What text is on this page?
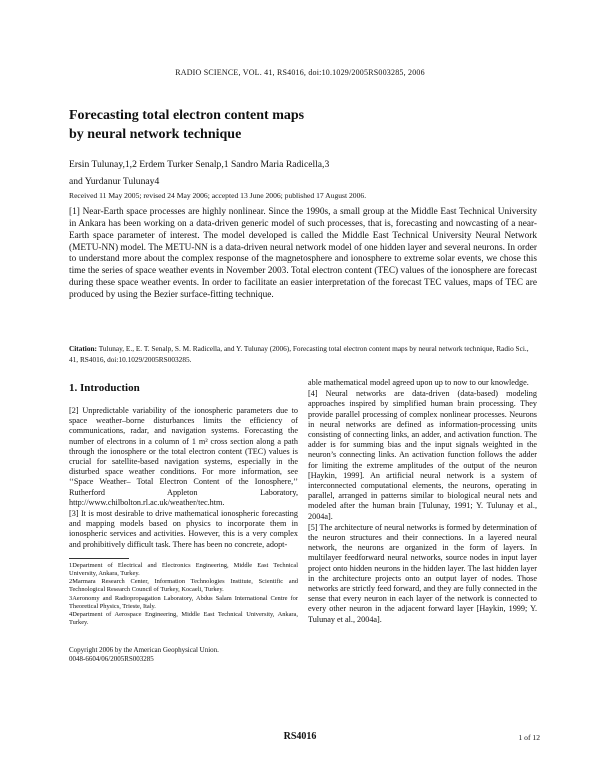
RADIO SCIENCE, VOL. 41, RS4016, doi:10.1029/2005RS003285, 2006
Forecasting total electron content maps
by neural network technique
Ersin Tulunay,1,2 Erdem Turker Senalp,1 Sandro Maria Radicella,3
and Yurdanur Tulunay4
Received 11 May 2005; revised 24 May 2006; accepted 13 June 2006; published 17 August 2006.
[1] Near-Earth space processes are highly nonlinear. Since the 1990s, a small group at the Middle East Technical University in Ankara has been working on a data-driven generic model of such processes, that is, forecasting and nowcasting of a near-Earth space parameter of interest. The model developed is called the Middle East Technical University Neural Network (METU-NN) model. The METU-NN is a data-driven neural network model of one hidden layer and several neurons. In order to understand more about the complex response of the magnetosphere and ionosphere to extreme solar events, we chose this time the series of space weather events in November 2003. Total electron content (TEC) values of the ionosphere are forecast during these space weather events. In order to facilitate an easier interpretation of the forecast TEC values, maps of TEC are produced by using the Bezier surface-fitting technique.
Citation: Tulunay, E., E. T. Senalp, S. M. Radicella, and Y. Tulunay (2006), Forecasting total electron content maps by neural network technique, Radio Sci., 41, RS4016, doi:10.1029/2005RS003285.
1. Introduction

[2] Unpredictable variability of the ionospheric parameters due to space weather–borne disturbances limits the efficiency of communications, radar, and navigation systems. Forecasting the number of electrons in a column of 1 m² cross section along a path through the ionosphere or the total electron content (TEC) values is crucial for satellite-based navigation systems, especially in the disturbed space weather conditions. For more information, see ‘‘Space Weather– Total Electron Content of the Ionosphere,’’ Rutherford Appleton Laboratory, http://www.chilbolton.rl.ac.uk/weather/tec.htm.

[3] It is most desirable to drive mathematical ionospheric forecasting and mapping models based on physics to incorporate them in ionospheric services and activities. However, this is a very complex and prohibitively difficult task. There has been no concrete, adopt-

1Department of Electrical and Electronics Engineering, Middle East Technical University, Ankara, Turkey.

2Marmara Research Center, Information Technologies Institute, Scientific and Technological Research Council of Turkey, Kocaeli, Turkey.

3Aeronomy and Radiopropagation Laboratory, Abdus Salam International Centre for Theoretical Physics, Trieste, Italy.

4Department of Aerospace Engineering, Middle East Technical University, Ankara, Turkey.

Copyright 2006 by the American Geophysical Union.
0048-6604/06/2005RS003285

able mathematical model agreed upon up to now to our knowledge.

[4] Neural networks are data-driven (data-based) modeling approaches inspired by simplified human brain processing. They provide parallel processing of complex nonlinear processes. Neurons in neural networks are defined as information-processing units consisting of connecting links, an adder, and activation function. The adder is for summing bias and the input signals weighted in the neuron’s connecting links. An activation function follows the adder for limiting the extreme amplitudes of the output of the neuron [Haykin, 1999]. An artificial neural network is a system of interconnected computational elements, the neurons, operating in parallel, arranged in patterns similar to biological neural nets and modeled after the human brain [Tulunay, 1991; Y. Tulunay et al., 2004a].

[5] The architecture of neural networks is formed by determination of the neuron structures and their connections. In a layered neural network, the neurons are organized in the form of layers. In multilayer feedforward neural networks, source nodes in input layer project onto hidden neurons in the hidden layer. The last hidden layer in the architecture projects onto an output layer of nodes. Those networks are strictly feed forward, and they are fully connected in the sense that every neuron in each layer of the network is connected to every other neuron in the adjacent forward layer [Haykin, 1999; Y. Tulunay et al., 2004a].

RS4016	1 of 12
